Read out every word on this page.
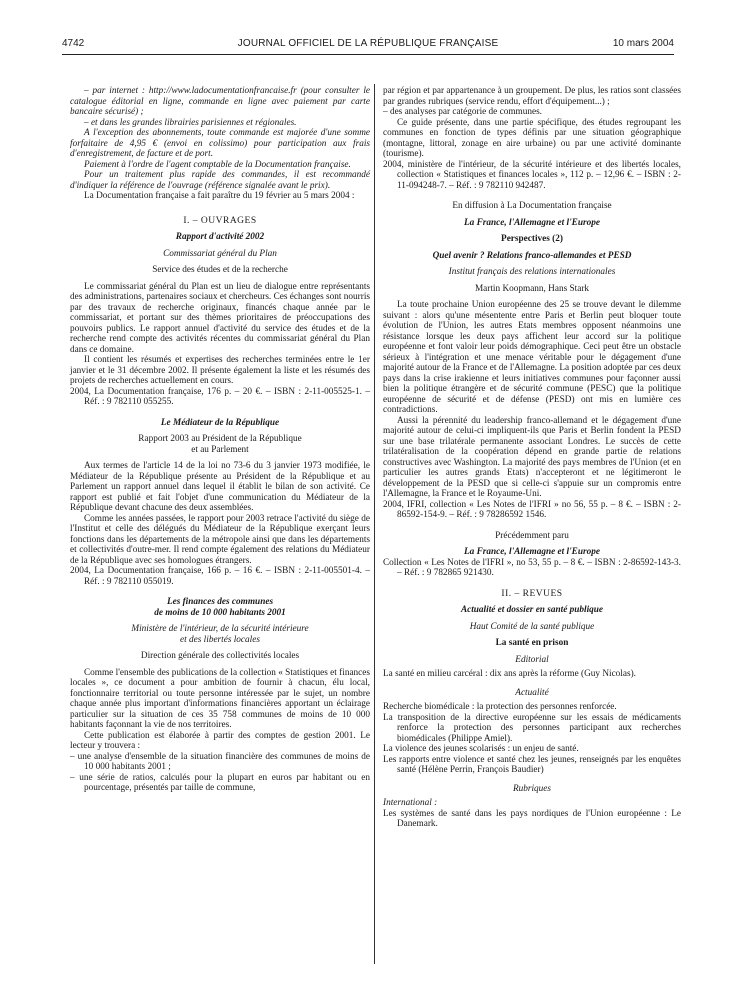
4742	JOURNAL OFFICIEL DE LA RÉPUBLIQUE FRANÇAISE	10 mars 2004

– par internet : http://www.ladocumentationfrancaise.fr (pour consulter le catalogue éditorial en ligne, commande en ligne avec paiement par carte bancaire sécurisé) ;

– et dans les grandes librairies parisiennes et régionales.

A l'exception des abonnements, toute commande est majorée d'une somme forfaitaire de 4,95 € (envoi en colissimo) pour participation aux frais d'enregistrement, de facture et de port.

Paiement à l'ordre de l'agent comptable de la Documentation française.

Pour un traitement plus rapide des commandes, il est recommandé d'indiquer la référence de l'ouvrage (référence signalée avant le prix).

La Documentation française a fait paraître du 19 février au 5 mars 2004 :

I. – OUVRAGES

Rapport d'activité 2002

Commissariat général du Plan

Service des études et de la recherche

Le commissariat général du Plan est un lieu de dialogue entre représentants des administrations, partenaires sociaux et chercheurs. Ces échanges sont nourris par des travaux de recherche originaux, financés chaque année par le commissariat, et portant sur des thèmes prioritaires de préoccupations des pouvoirs publics. Le rapport annuel d'activité du service des études et de la recherche rend compte des activités récentes du commissariat général du Plan dans ce domaine.

Il contient les résumés et expertises des recherches terminées entre le 1er janvier et le 31 décembre 2002. Il présente également la liste et les résumés des projets de recherches actuellement en cours.

2004, La Documentation française, 176 p. – 20 €. – ISBN : 2-11-005525-1. – Réf. : 9 782110 055255.

Le Médiateur de la République

Rapport 2003 au Président de la République

et au Parlement

Aux termes de l'article 14 de la loi no 73-6 du 3 janvier 1973 modifiée, le Médiateur de la République présente au Président de la République et au Parlement un rapport annuel dans lequel il établit le bilan de son activité. Ce rapport est publié et fait l'objet d'une communication du Médiateur de la République devant chacune des deux assemblées.

Comme les années passées, le rapport pour 2003 retrace l'activité du siège de l'Institut et celle des délégués du Médiateur de la République exerçant leurs fonctions dans les départements de la métropole ainsi que dans les départements et collectivités d'outre-mer. Il rend compte également des relations du Médiateur de la République avec ses homologues étrangers.

2004, La Documentation française, 166 p. – 16 €. – ISBN : 2-11-005501-4. – Réf. : 9 782110 055019.

Les finances des communes

de moins de 10 000 habitants 2001

Ministère de l'intérieur, de la sécurité intérieure

et des libertés locales

Direction générale des collectivités locales

Comme l'ensemble des publications de la collection « Statistiques et finances locales », ce document a pour ambition de fournir à chacun, élu local, fonctionnaire territorial ou toute personne intéressée par le sujet, un nombre chaque année plus important d'informations financières apportant un éclairage particulier sur la situation de ces 35 758 communes de moins de 10 000 habitants façonnant la vie de nos territoires.

Cette publication est élaborée à partir des comptes de gestion 2001. Le lecteur y trouvera :

– une analyse d'ensemble de la situation financière des communes de moins de 10 000 habitants 2001 ;

– une série de ratios, calculés pour la plupart en euros par habitant ou en pourcentage, présentés par taille de commune,

par région et par appartenance à un groupement. De plus, les ratios sont classées par grandes rubriques (service rendu, effort d'équipement...) ;

– des analyses par catégorie de communes.

Ce guide présente, dans une partie spécifique, des études regroupant les communes en fonction de types définis par une situation géographique (montagne, littoral, zonage en aire urbaine) ou par une activité dominante (tourisme).

2004, ministère de l'intérieur, de la sécurité intérieure et des libertés locales, collection « Statistiques et finances locales », 112 p. – 12,96 €. – ISBN : 2-11-094248-7. – Réf. : 9 782110 942487.

En diffusion à La Documentation française

La France, l'Allemagne et l'Europe

Perspectives (2)

Quel avenir ? Relations franco-allemandes et PESD

Institut français des relations internationales

Martin Koopmann, Hans Stark

La toute prochaine Union européenne des 25 se trouve devant le dilemme suivant : alors qu'une mésentente entre Paris et Berlin peut bloquer toute évolution de l'Union, les autres Etats membres opposent néanmoins une résistance lorsque les deux pays affichent leur accord sur la politique européenne et font valoir leur poids démographique. Ceci peut être un obstacle sérieux à l'intégration et une menace véritable pour le dégagement d'une majorité autour de la France et de l'Allemagne. La position adoptée par ces deux pays dans la crise irakienne et leurs initiatives communes pour façonner aussi bien la politique étrangère et de sécurité commune (PESC) que la politique européenne de sécurité et de défense (PESD) ont mis en lumière ces contradictions.

Aussi la pérennité du leadership franco-allemand et le dégagement d'une majorité autour de celui-ci impliquent-ils que Paris et Berlin fondent la PESD sur une base trilatérale permanente associant Londres. Le succès de cette trilatéralisation de la coopération dépend en grande partie de relations constructives avec Washington. La majorité des pays membres de l'Union (et en particulier les autres grands Etats) n'accepteront et ne légitimeront le développement de la PESD que si celle-ci s'appuie sur un compromis entre l'Allemagne, la France et le Royaume-Uni.

2004, IFRI, collection « Les Notes de l'IFRI » no 56, 55 p. – 8 €. – ISBN : 2-86592-154-9. – Réf. : 9 78286592 1546.

Précédemment paru

La France, l'Allemagne et l'Europe

Collection « Les Notes de l'IFRI », no 53, 55 p. – 8 €. – ISBN : 2-86592-143-3. – Réf. : 9 782865 921430.

II. – REVUES

Actualité et dossier en santé publique

Haut Comité de la santé publique

La santé en prison

Editorial

La santé en milieu carcéral : dix ans après la réforme (Guy Nicolas).

Actualité

Recherche biomédicale : la protection des personnes renforcée.

La transposition de la directive européenne sur les essais de médicaments renforce la protection des personnes participant aux recherches biomédicales (Philippe Amiel).

La violence des jeunes scolarisés : un enjeu de santé.

Les rapports entre violence et santé chez les jeunes, renseignés par les enquêtes santé (Hélène Perrin, François Baudier)

Rubriques

International :

Les systèmes de santé dans les pays nordiques de l'Union européenne : Le Danemark.
